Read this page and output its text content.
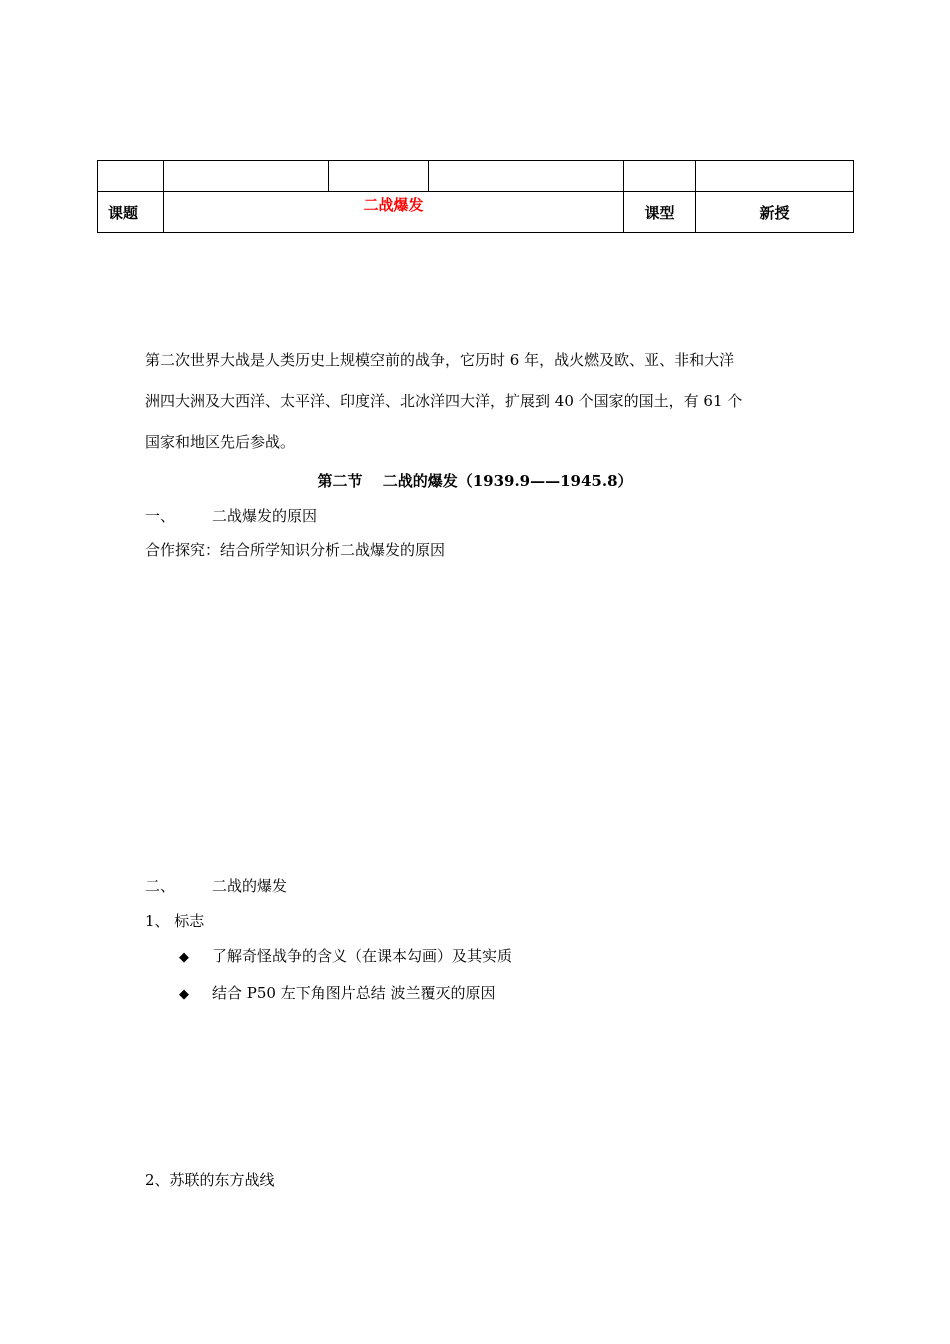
课题	二战爆发			课型	新授
第二次世界大战是人类历史上规模空前的战争，它历时 6 年，战火燃及欧、亚、非和大洋
洲四大洲及大西洋、太平洋、印度洋、北冰洋四大洋，扩展到 40 个国家的国土，有 61 个
国家和地区先后参战。
第二节　 二战的爆发（1939.9——1945.8）
一、 二战爆发的原因
合作探究：结合所学知识分析二战爆发的原因
二、 二战的爆发
1、 标志
◆ 了解奇怪战争的含义（在课本勾画）及其实质
◆ 结合 P50 左下角图片总结 波兰覆灭的原因
2、苏联的东方战线
